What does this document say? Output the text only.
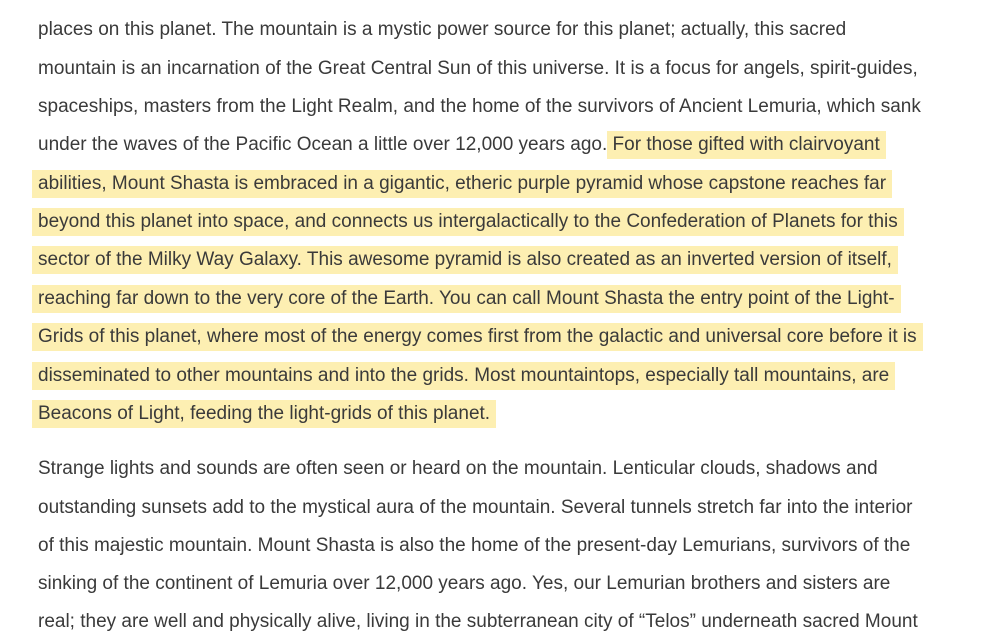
places on this planet. The mountain is a mystic power source for this planet; actually, this sacred
mountain is an incarnation of the Great Central Sun of this universe. It is a focus for angels, spirit-guides,
spaceships, masters from the Light Realm, and the home of the survivors of Ancient Lemuria, which sank
under the waves of the Pacific Ocean a little over 12,000 years ago. For those gifted with clairvoyant
abilities, Mount Shasta is embraced in a gigantic, etheric purple pyramid whose capstone reaches far
beyond this planet into space, and connects us intergalactically to the Confederation of Planets for this
sector of the Milky Way Galaxy. This awesome pyramid is also created as an inverted version of itself,
reaching far down to the very core of the Earth. You can call Mount Shasta the entry point of the Light-
Grids of this planet, where most of the energy comes first from the galactic and universal core before it is
disseminated to other mountains and into the grids. Most mountaintops, especially tall mountains, are
Beacons of Light, feeding the light-grids of this planet.
Strange lights and sounds are often seen or heard on the mountain. Lenticular clouds, shadows and
outstanding sunsets add to the mystical aura of the mountain. Several tunnels stretch far into the interior
of this majestic mountain. Mount Shasta is also the home of the present-day Lemurians, survivors of the
sinking of the continent of Lemuria over 12,000 years ago. Yes, our Lemurian brothers and sisters are
real; they are well and physically alive, living in the subterranean city of “Telos” underneath sacred Mount
